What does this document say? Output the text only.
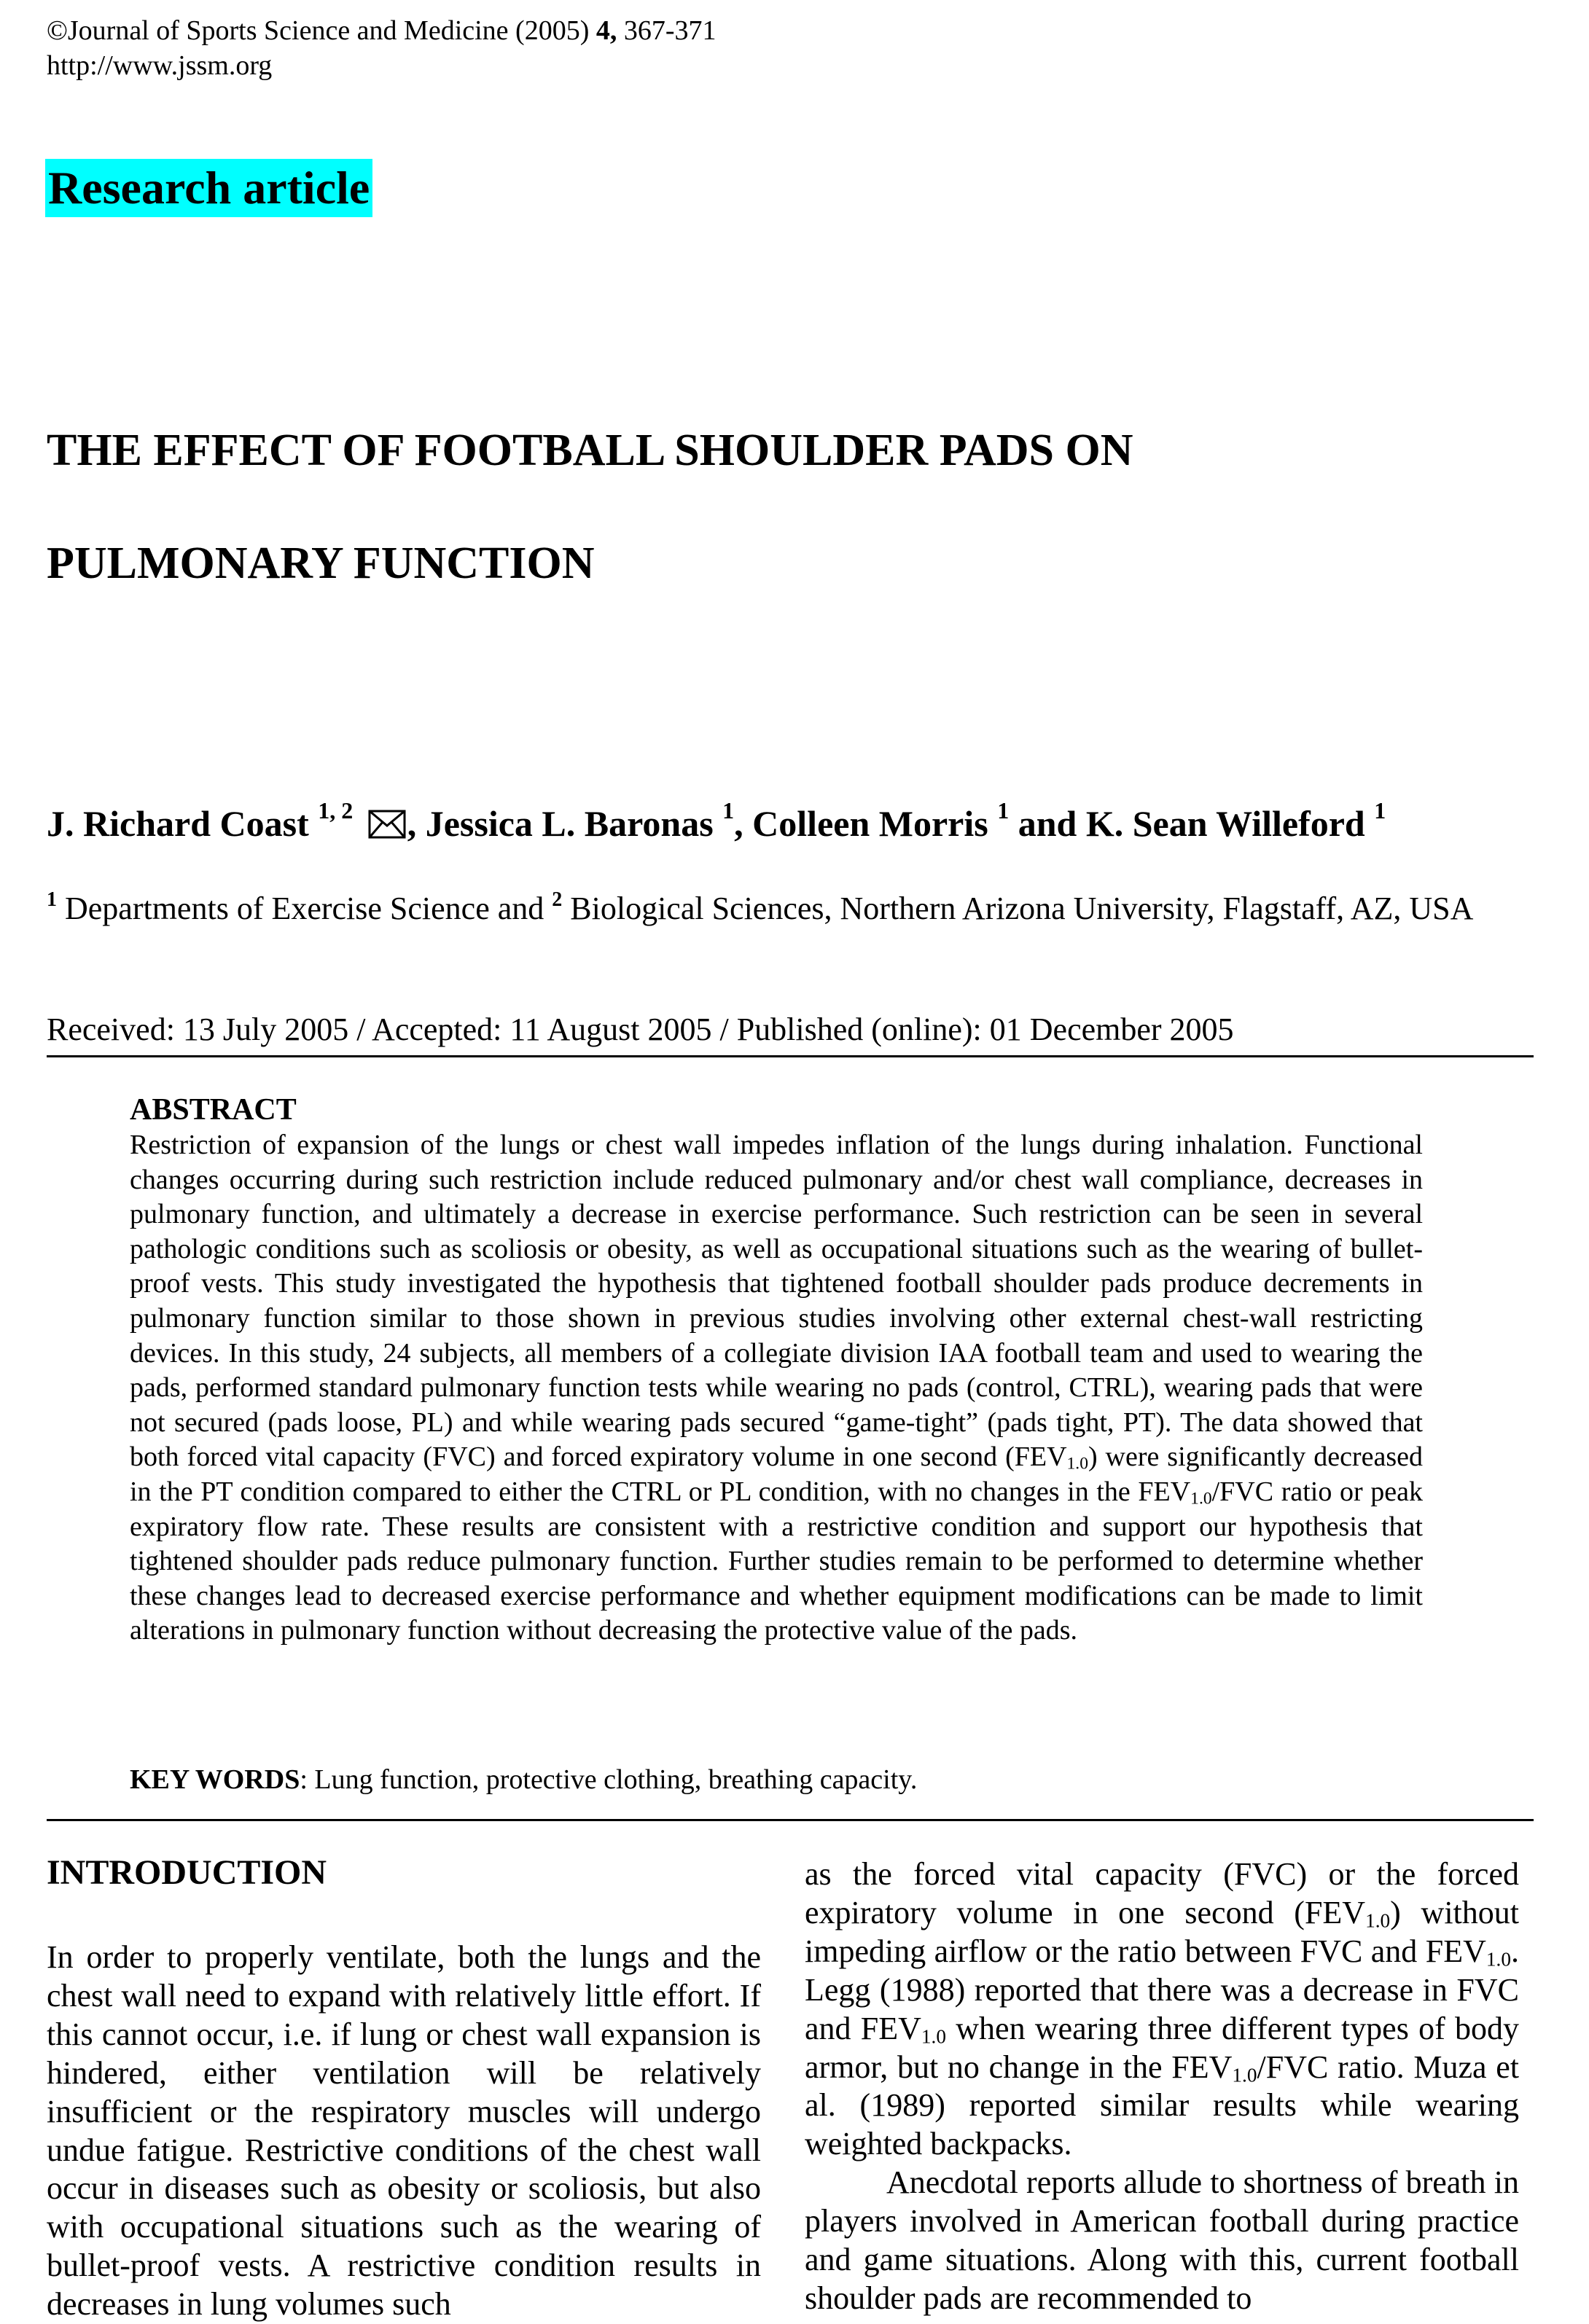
©Journal of Sports Science and Medicine (2005) 4, 367-371
http://www.jssm.org
Research article
THE EFFECT OF FOOTBALL SHOULDER PADS ON
PULMONARY FUNCTION
J. Richard Coast $^{1, 2}$ , Jessica L. Baronas $^1$, Colleen Morris $^1$ and K. Sean Willeford $^1$
$^1$ Departments of Exercise Science and $^2$ Biological Sciences, Northern Arizona University, Flagstaff, AZ, USA
Received: 13 July 2005 / Accepted: 11 August 2005 / Published (online): 01 December 2005
ABSTRACT

Restriction of expansion of the lungs or chest wall impedes inflation of the lungs during inhalation. Functional changes occurring during such restriction include reduced pulmonary and/or chest wall compliance, decreases in pulmonary function, and ultimately a decrease in exercise performance. Such restriction can be seen in several pathologic conditions such as scoliosis or obesity, as well as occupational situations such as the wearing of bullet-proof vests. This study investigated the hypothesis that tightened football shoulder pads produce decrements in pulmonary function similar to those shown in previous studies involving other external chest-wall restricting devices. In this study, 24 subjects, all members of a collegiate division IAA football team and used to wearing the pads, performed standard pulmonary function tests while wearing no pads (control, CTRL), wearing pads that were not secured (pads loose, PL) and while wearing pads secured “game-tight” (pads tight, PT). The data showed that both forced vital capacity (FVC) and forced expiratory volume in one second $(FEV_{1.0})$ were significantly decreased in the PT condition compared to either the CTRL or PL condition, with no changes in the $FEV_{1.0}$/FVC ratio or peak expiratory flow rate. These results are consistent with a restrictive condition and support our hypothesis that tightened shoulder pads reduce pulmonary function. Further studies remain to be performed to determine whether these changes lead to decreased exercise performance and whether equipment modifications can be made to limit alterations in pulmonary function without decreasing the protective value of the pads.

KEY WORDS: Lung function, protective clothing, breathing capacity.
INTRODUCTION

In order to properly ventilate, both the lungs and the chest wall need to expand with relatively little effort. If this cannot occur, i.e. if lung or chest wall expansion is hindered, either ventilation will be relatively insufficient or the respiratory muscles will undergo undue fatigue. Restrictive conditions of the chest wall occur in diseases such as obesity or scoliosis, but also with occupational situations such as the wearing of bullet-proof vests. A restrictive condition results in decreases in lung volumes such

as the forced vital capacity (FVC) or the forced expiratory volume in one second $(FEV_{1.0})$ without impeding airflow or the ratio between FVC and $FEV_{1.0}$. Legg (1988) reported that there was a decrease in FVC and $FEV_{1.0}$ when wearing three different types of body armor, but no change in the $FEV_{1.0}$/FVC ratio. Muza et al. (1989) reported similar results while wearing weighted backpacks.

Anecdotal reports allude to shortness of breath in players involved in American football during practice and game situations. Along with this, current football shoulder pads are recommended to
